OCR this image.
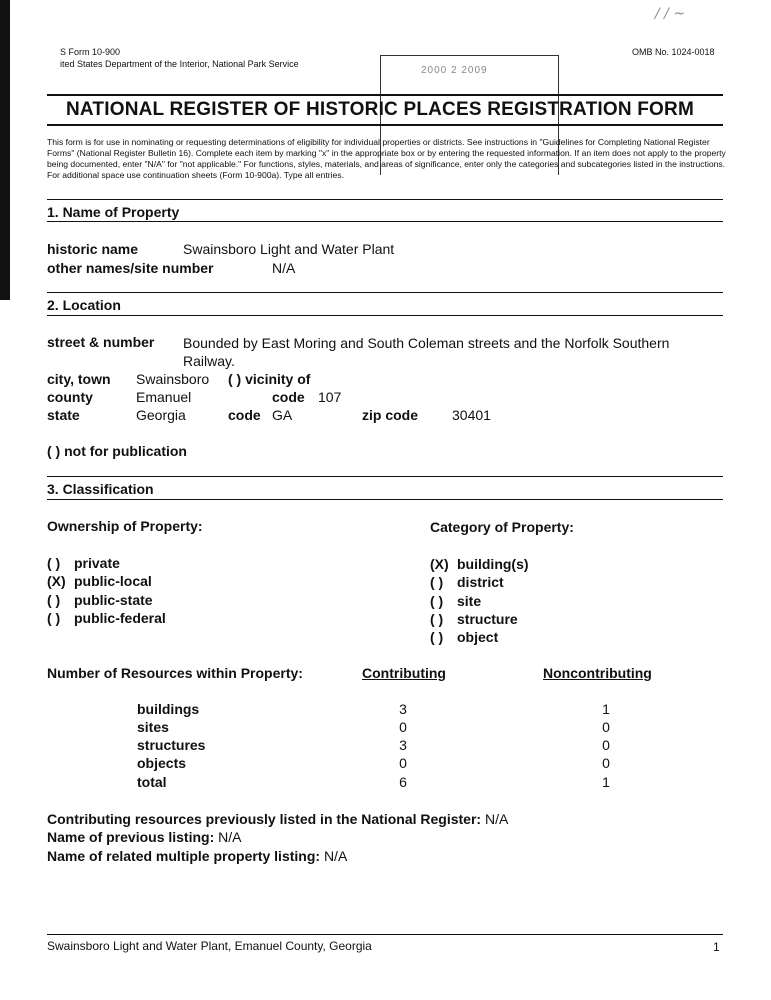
/ / ~
2000 2 2009
S Form 10-900
ited States Department of the Interior, National Park Service
OMB No. 1024-0018
NATIONAL REGISTER OF HISTORIC PLACES REGISTRATION FORM
This form is for use in nominating or requesting determinations of eligibility for individual properties or districts. See instructions in "Guidelines for Completing National Register Forms" (National Register Bulletin 16). Complete each item by marking "x" in the appropriate box or by entering the requested information. If an item does not apply to the property being documented, enter "N/A" for "not applicable." For functions, styles, materials, and areas of significance, enter only the categories and subcategories listed in the instructions. For additional space use continuation sheets (Form 10-900a). Type all entries.
1. Name of Property
historic name	Swainsboro Light and Water Plant
other names/site number	N/A
2. Location
street & number Bounded by East Moring and South Coleman streets and the Norfolk Southern
Railway.
city, town Swainsboro ( ) vicinity of
county	Emanuel	code 107
state	Georgia	code GA	zip code 30401
( ) not for publication
3. Classification
Ownership of Property:	Category of Property:
( ) private
(X) public-local
( ) public-state
( ) public-federal
(X) building(s)
( ) district
( ) site
( ) structure
( ) object
Number of Resources within Property:	Contributing	Noncontributing
buildings	3	1
sites	0	0
structures	3	0
objects	0	0
total	6	1
Contributing resources previously listed in the National Register: N/A
Name of previous listing: N/A
Name of related multiple property listing: N/A
Swainsboro Light and Water Plant, Emanuel County, Georgia	1
